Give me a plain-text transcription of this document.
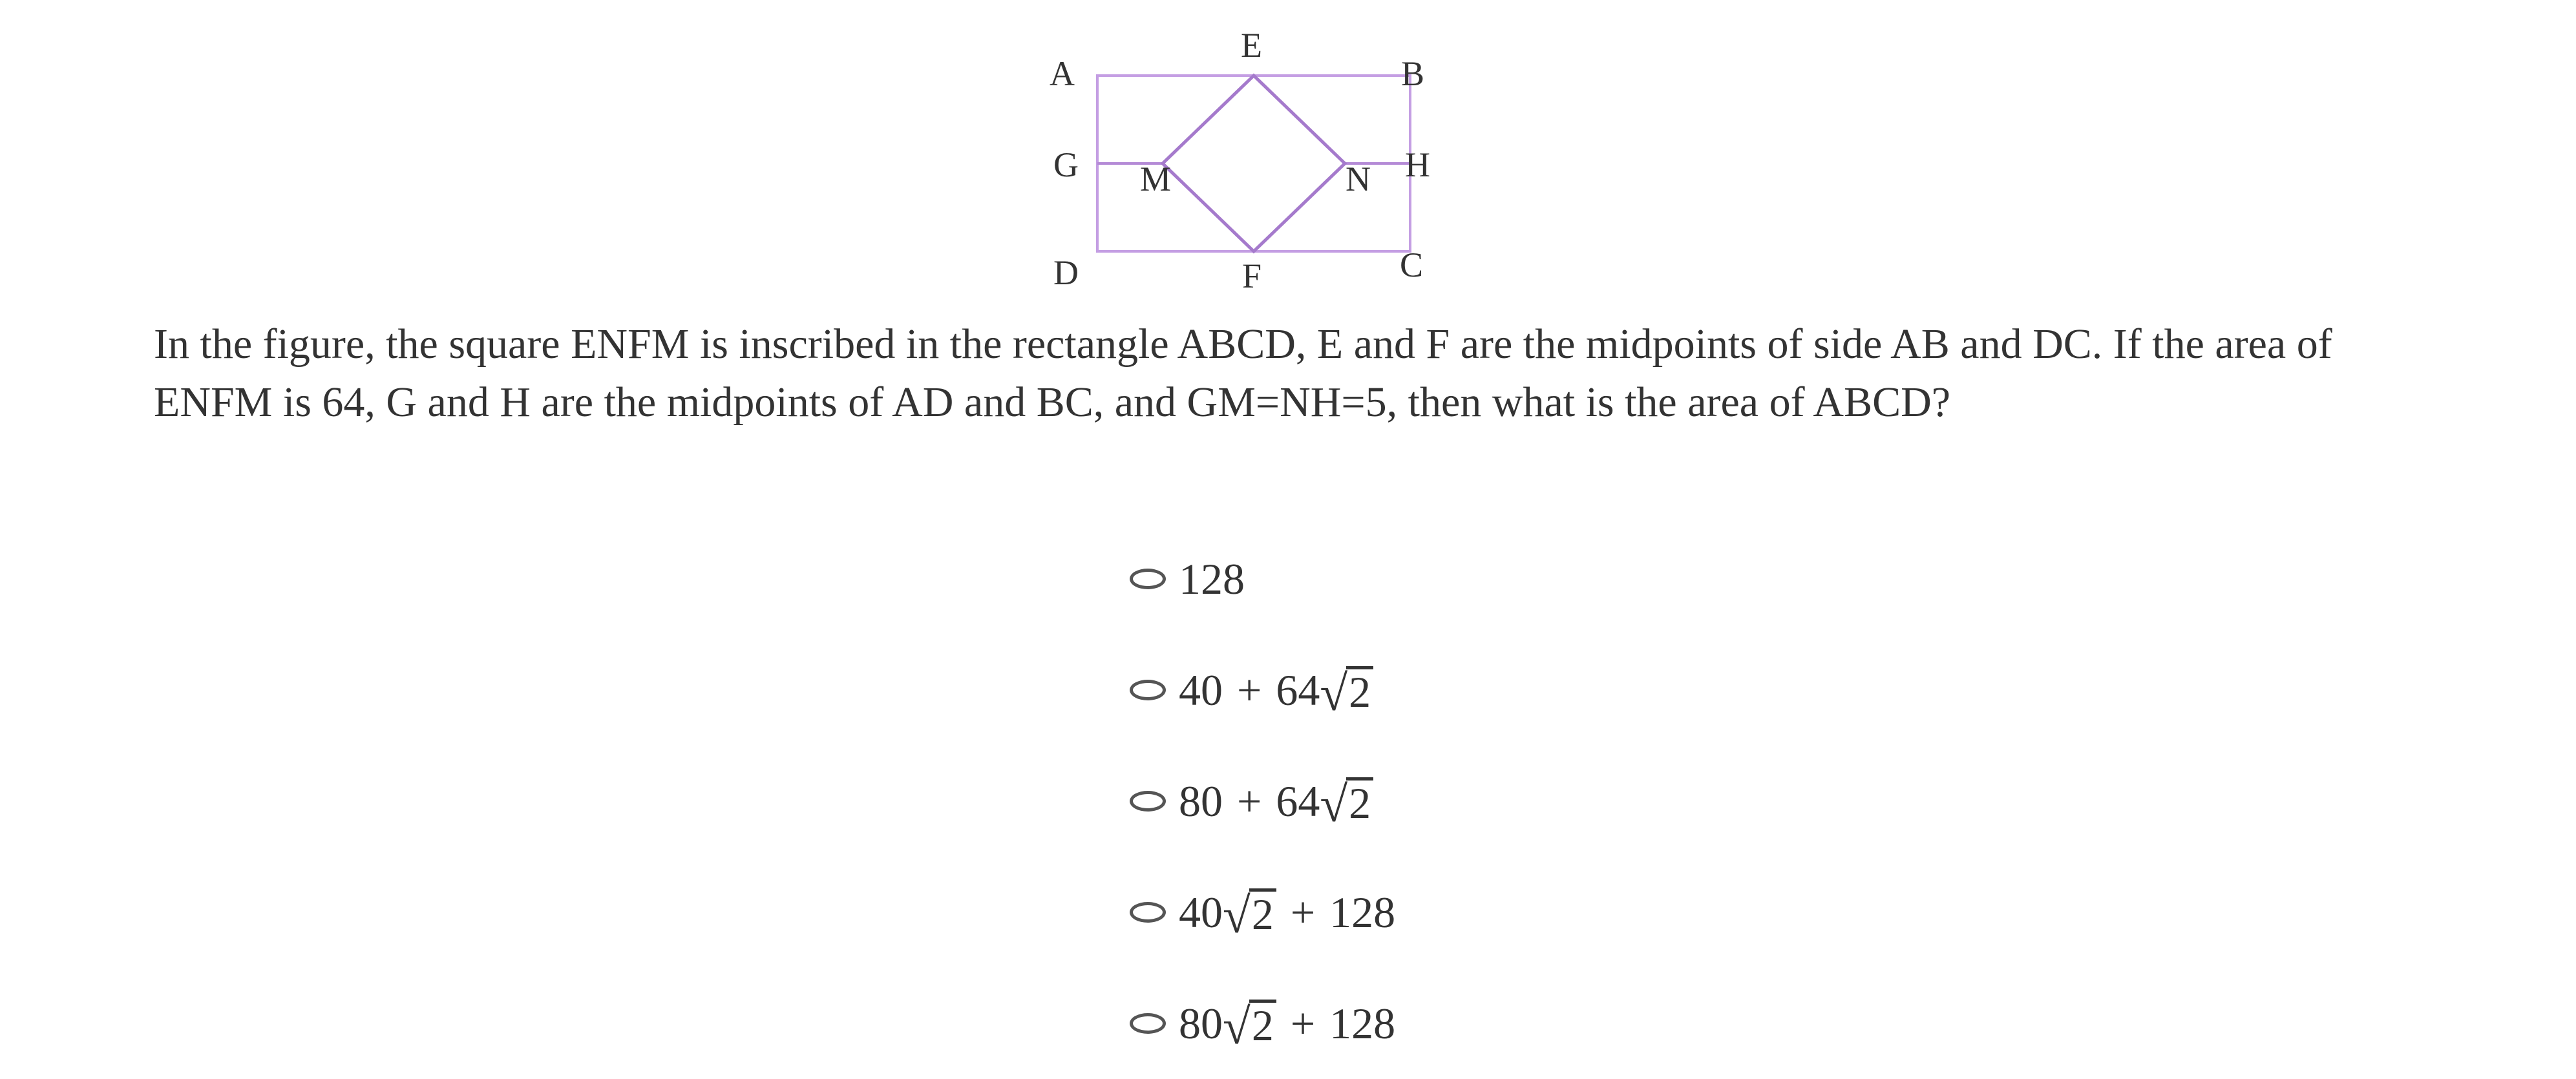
A
E
B
G M	N H
D	F	C

In the figure, the square ENFM is inscribed in the rectangle ABCD, E and F are the midpoints of side AB and DC. If the area of ENFM is 64, G and H are the midpoints of AD and BC, and GM=NH=5, then what is the area of ABCD?

128
40 + 64 √ 2
80 + 64 √ 2
40 √ 2 + 128
80 √ 2 + 128
